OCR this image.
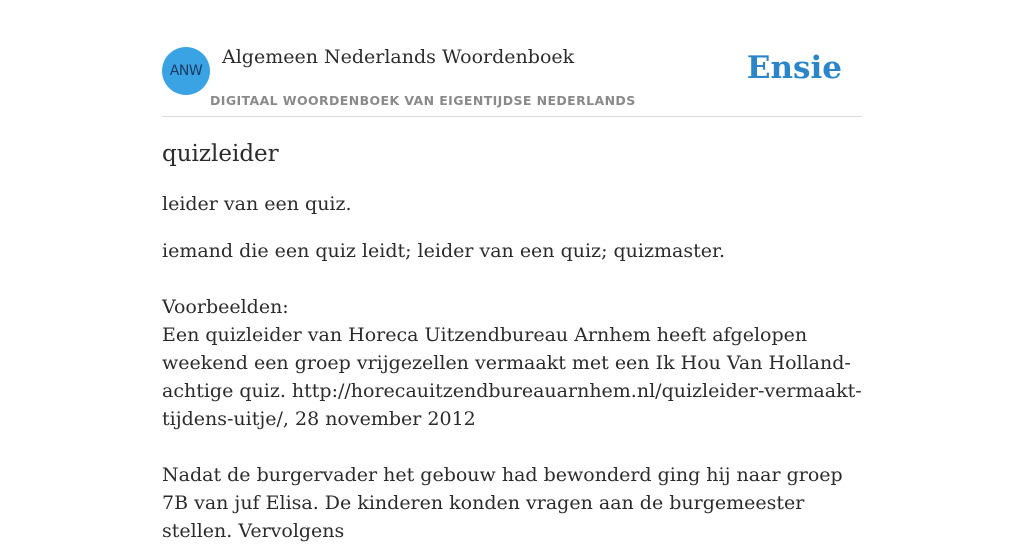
ANW
Algemeen Nederlands Woordenboek
DIGITAAL WOORDENBOEK VAN EIGENTIJDSE NEDERLANDS
Ensie
quizleider

leider van een quiz.

iemand die een quiz leidt; leider van een quiz; quizmaster.

Voorbeelden:

Een quizleider van Horeca Uitzendbureau Arnhem heeft afgelopen weekend een groep vrijgezellen vermaakt met een Ik Hou Van Holland-achtige quiz. http://horecauitzendbureauarnhem.nl/quizleider-vermaakt-tijdens-uitje/, 28 november 2012

Nadat de burgervader het gebouw had bewonderd ging hij naar groep 7B van juf Elisa. De kinderen konden vragen aan de burgemeester stellen. Vervolgens
